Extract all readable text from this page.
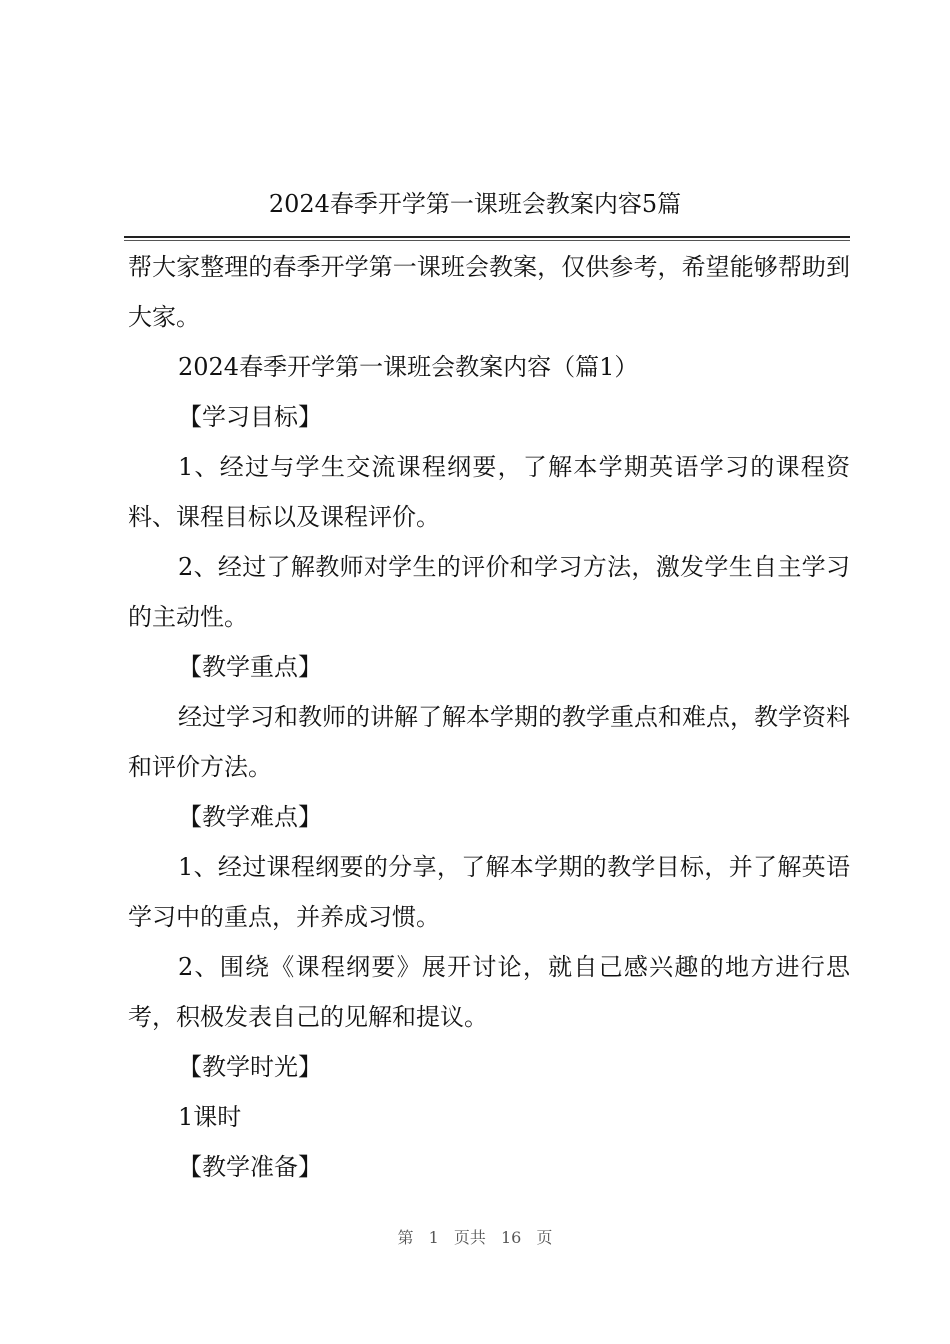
2024春季开学第一课班会教案内容5篇

帮大家整理的春季开学第一课班会教案，仅供参考，希望能够帮助到大家。

2024春季开学第一课班会教案内容（篇1）

【学习目标】

1、经过与学生交流课程纲要，了解本学期英语学习的课程资料、课程目标以及课程评价。

2、经过了解教师对学生的评价和学习方法，激发学生自主学习的主动性。

【教学重点】

经过学习和教师的讲解了解本学期的教学重点和难点，教学资料和评价方法。

【教学难点】

1、经过课程纲要的分享，了解本学期的教学目标，并了解英语学习中的重点，并养成习惯。

2、围绕《课程纲要》展开讨论，就自己感兴趣的地方进行思考，积极发表自己的见解和提议。

【教学时光】

1课时

【教学准备】

第 1 页共 16 页
